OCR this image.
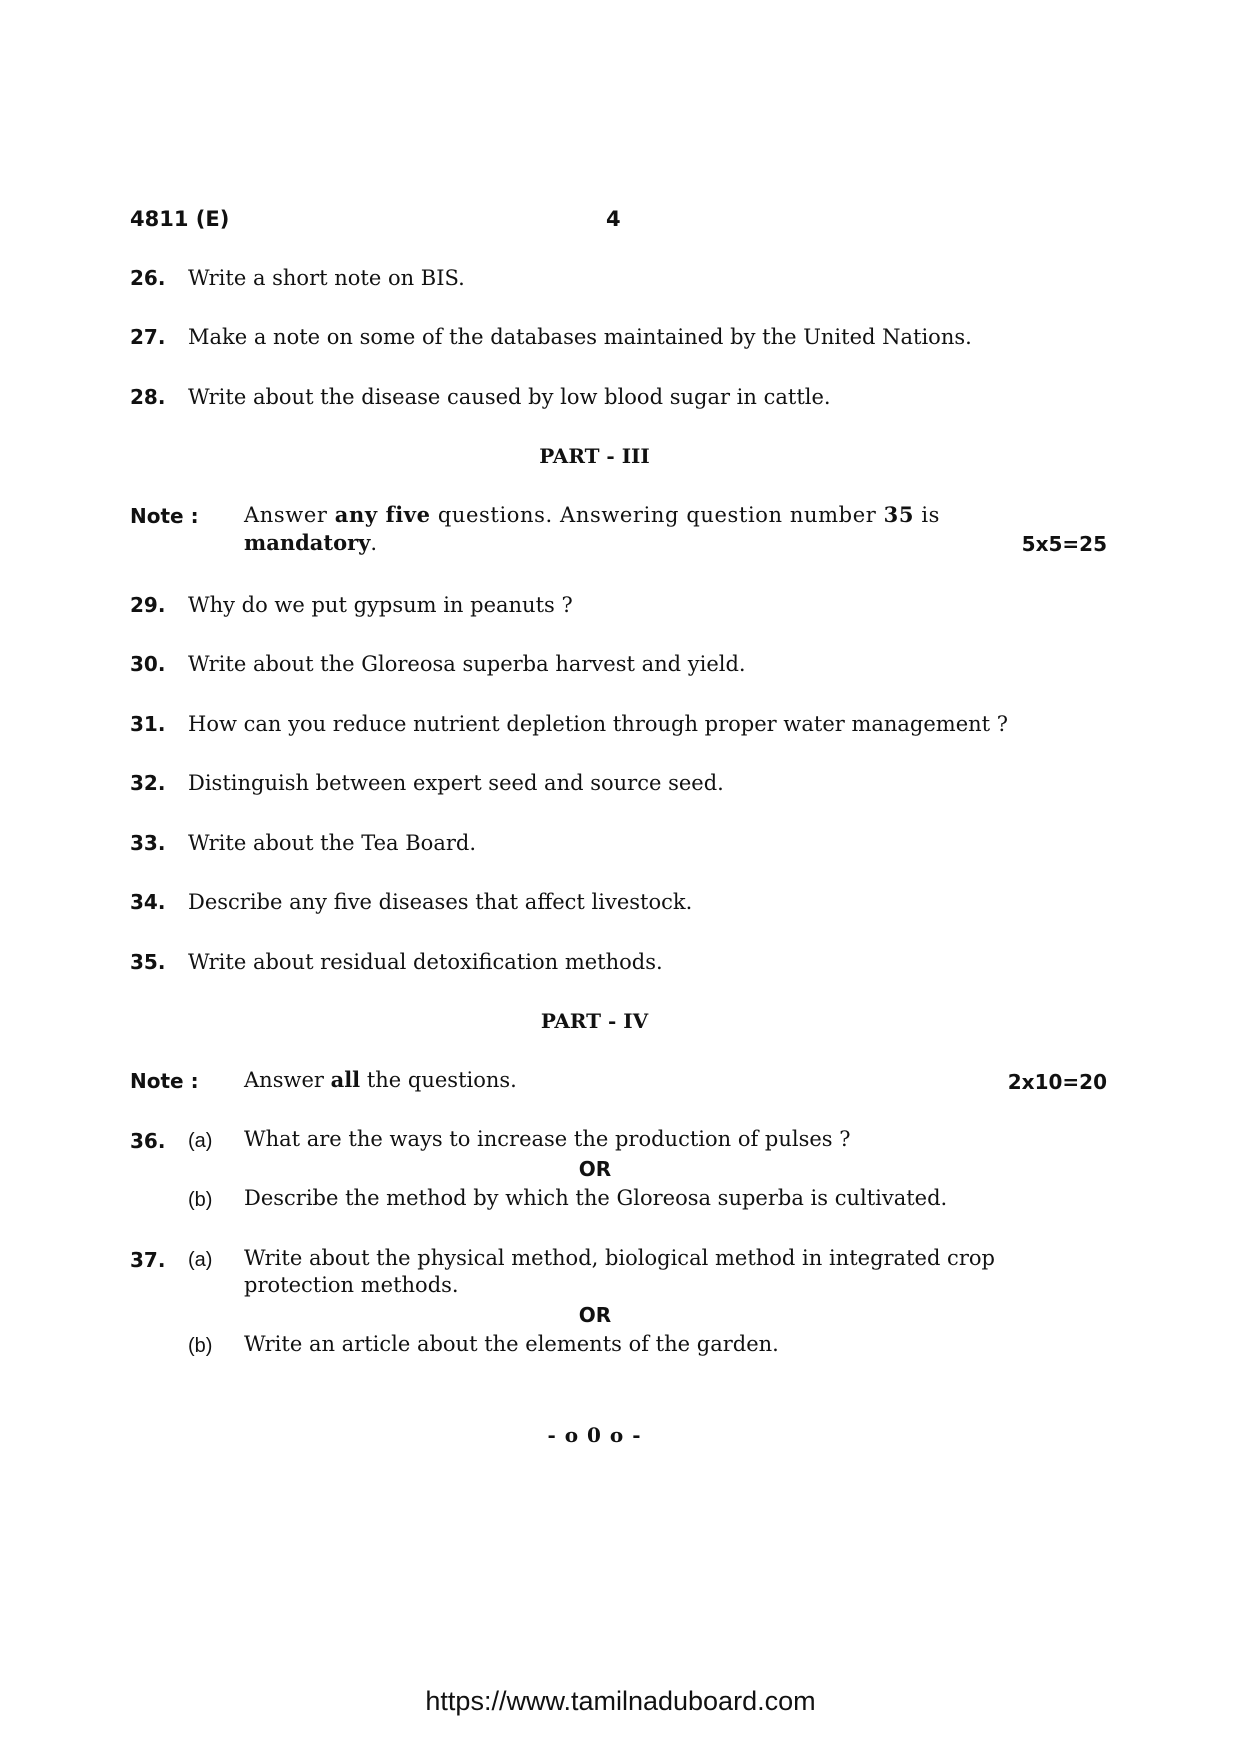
4811 (E)	4
26. Write a short note on BIS.
27. Make a note on some of the databases maintained by the United Nations.
28. Write about the disease caused by low blood sugar in cattle.
PART - III
Note : Answer any five questions. Answering question number 35 is
mandatory.	5x5=25
29. Why do we put gypsum in peanuts ?
30. Write about the Gloreosa superba harvest and yield.
31. How can you reduce nutrient depletion through proper water management ?
32. Distinguish between expert seed and source seed.
33. Write about the Tea Board.
34. Describe any five diseases that affect livestock.
35. Write about residual detoxification methods.
PART - IV
Note : Answer all the questions.	2x10=20
36.	(a) What are the ways to increase the production of pulses ?
OR
(b) Describe the method by which the Gloreosa superba is cultivated.
37.	(a) Write about the physical method, biological method in integrated crop
protection methods.
OR
(b) Write an article about the elements of the garden.
- o 0 o -
https://www.tamilnaduboard.com
